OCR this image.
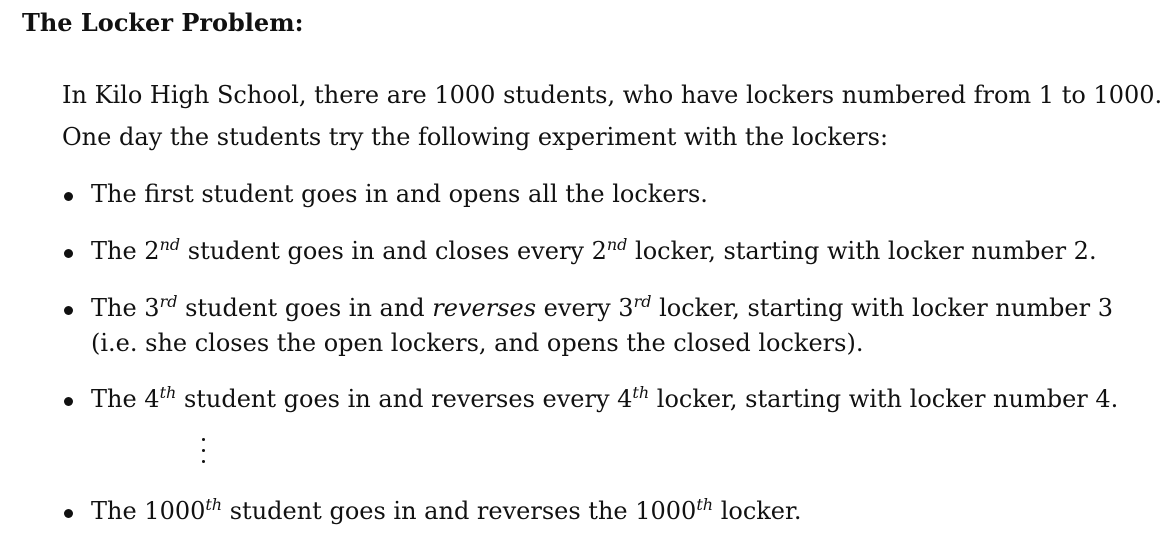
The Locker Problem:
In Kilo High School, there are 1000 students, who have lockers numbered from 1 to 1000.
One day the students try the following experiment with the lockers:
The first student goes in and opens all the lockers.
The 2nd student goes in and closes every 2nd locker, starting with locker number 2.
The 3rd student goes in and reverses every 3rd locker, starting with locker number 3
(i.e. she closes the open lockers, and opens the closed lockers).
The 4th student goes in and reverses every 4th locker, starting with locker number 4.
The 1000th student goes in and reverses the 1000th locker.
